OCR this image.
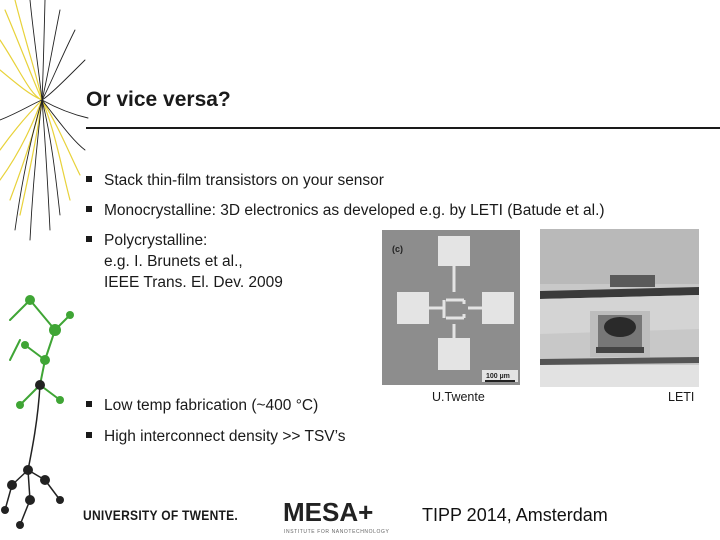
Or vice versa?
Stack thin-film transistors on your sensor
Monocrystalline: 3D electronics as developed e.g. by LETI (Batude et al.)
Polycrystalline:
e.g. I. Brunets et al.,
IEEE Trans. El. Dev. 2009
Low temp fabrication (~400 °C)
High interconnect density >> TSV’s
(c)
100 µm
U.Twente	LETI
UNIVERSITY OF TWENTE. MESA+
INSTITUTE FOR NANOTECHNOLOGY
TIPP 2014, Amsterdam
